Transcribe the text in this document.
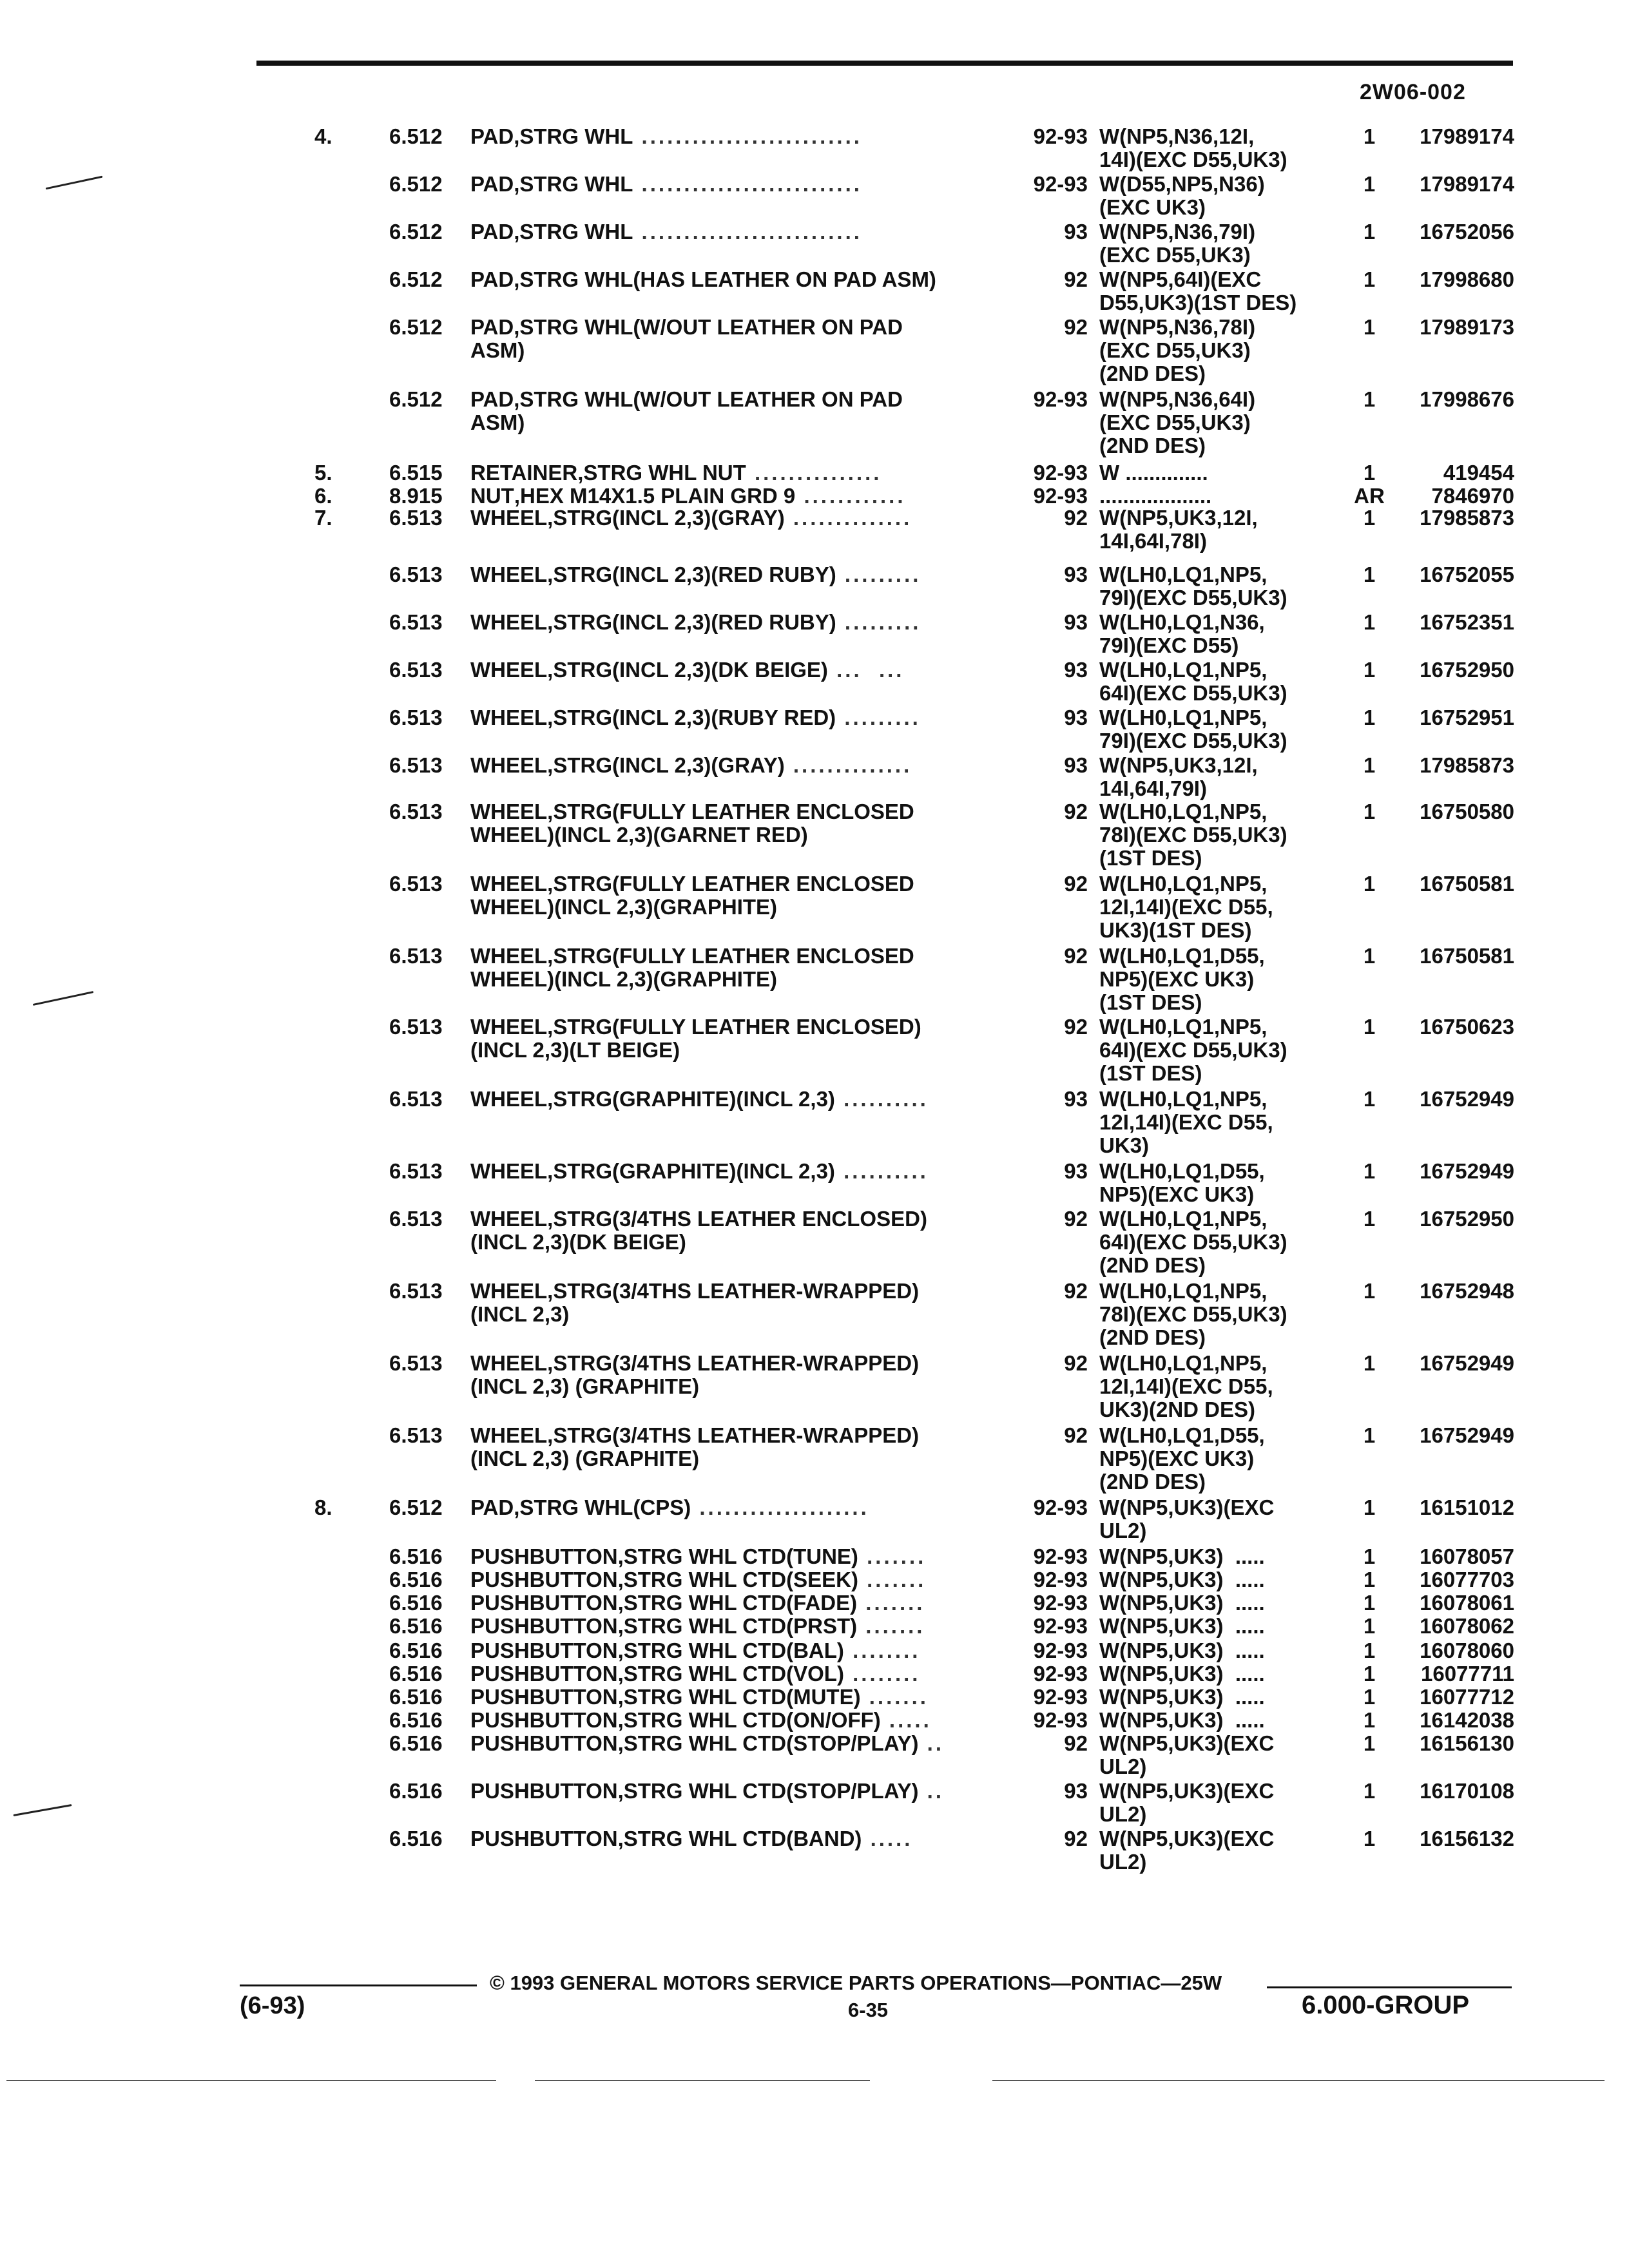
2W06-002
4.	6.512 PAD,STRG WHL ..........................	92-93 W(NP5,N36,12I,
14I)(EXC D55,UK3)
1	17989174
6.512 PAD,STRG WHL ..........................	92-93 W(D55,NP5,N36)
(EXC UK3)
1	17989174
6.512 PAD,STRG WHL ..........................	93 W(NP5,N36,79I)
(EXC D55,UK3)
1	16752056
6.512 PAD,STRG WHL(HAS LEATHER ON PAD ASM)	92 W(NP5,64I)(EXC
D55,UK3)(1ST DES)
1	17998680
6.512 PAD,STRG WHL(W/OUT LEATHER ON PAD
ASM)
92 W(NP5,N36,78I)
(EXC D55,UK3)
(2ND DES)
1	17989173
6.512 PAD,STRG WHL(W/OUT LEATHER ON PAD
ASM)
92-93 W(NP5,N36,64I)
(EXC D55,UK3)
(2ND DES)
1	17998676
5.	6.515 RETAINER,STRG WHL NUT ...............	92-93 W ..............	1	419454
6.	8.915 NUT,HEX M14X1.5 PLAIN GRD 9 ............	92-93 ...................	AR	7846970
7.	6.513 WHEEL,STRG(INCL 2,3)(GRAY) ..............	92 W(NP5,UK3,12I,
14I,64I,78I)
1	17985873
6.513 WHEEL,STRG(INCL 2,3)(RED RUBY) .........	93 W(LH0,LQ1,NP5,
79I)(EXC D55,UK3)
1	16752055
6.513 WHEEL,STRG(INCL 2,3)(RED RUBY) .........	93 W(LH0,LQ1,N36,
79I)(EXC D55)
1	16752351
6.513 WHEEL,STRG(INCL 2,3)(DK BEIGE) ...  ...	93 W(LH0,LQ1,NP5,
64I)(EXC D55,UK3)
1	16752950
6.513 WHEEL,STRG(INCL 2,3)(RUBY RED) .........	93 W(LH0,LQ1,NP5,
79I)(EXC D55,UK3)
1	16752951
6.513 WHEEL,STRG(INCL 2,3)(GRAY) ..............	93 W(NP5,UK3,12I,
14I,64I,79I)
1	17985873
6.513 WHEEL,STRG(FULLY LEATHER ENCLOSED
WHEEL)(INCL 2,3)(GARNET RED)
92 W(LH0,LQ1,NP5,
78I)(EXC D55,UK3)
(1ST DES)
1	16750580
6.513 WHEEL,STRG(FULLY LEATHER ENCLOSED
WHEEL)(INCL 2,3)(GRAPHITE)
92 W(LH0,LQ1,NP5,
12I,14I)(EXC D55,
UK3)(1ST DES)
1	16750581
6.513 WHEEL,STRG(FULLY LEATHER ENCLOSED
WHEEL)(INCL 2,3)(GRAPHITE)
92 W(LH0,LQ1,D55,
NP5)(EXC UK3)
(1ST DES)
1	16750581
6.513 WHEEL,STRG(FULLY LEATHER ENCLOSED)
(INCL 2,3)(LT BEIGE)
92 W(LH0,LQ1,NP5,
64I)(EXC D55,UK3)
(1ST DES)
1	16750623
6.513 WHEEL,STRG(GRAPHITE)(INCL 2,3) ..........	93 W(LH0,LQ1,NP5,
12I,14I)(EXC D55,
UK3)
1	16752949
6.513 WHEEL,STRG(GRAPHITE)(INCL 2,3) ..........	93 W(LH0,LQ1,D55,
NP5)(EXC UK3)
1	16752949
6.513 WHEEL,STRG(3/4THS LEATHER ENCLOSED)
(INCL 2,3)(DK BEIGE)
92 W(LH0,LQ1,NP5,
64I)(EXC D55,UK3)
(2ND DES)
1	16752950
6.513 WHEEL,STRG(3/4THS LEATHER-WRAPPED)
(INCL 2,3)
92 W(LH0,LQ1,NP5,
78I)(EXC D55,UK3)
(2ND DES)
1	16752948
6.513 WHEEL,STRG(3/4THS LEATHER-WRAPPED)
(INCL 2,3) (GRAPHITE)
92 W(LH0,LQ1,NP5,
12I,14I)(EXC D55,
UK3)(2ND DES)
1	16752949
6.513 WHEEL,STRG(3/4THS LEATHER-WRAPPED)
(INCL 2,3) (GRAPHITE)
92 W(LH0,LQ1,D55,
NP5)(EXC UK3)
(2ND DES)
1	16752949
8.	6.512 PAD,STRG WHL(CPS) ....................	92-93 W(NP5,UK3)(EXC
UL2)
1	16151012
6.516 PUSHBUTTON,STRG WHL CTD(TUNE) .......	92-93 W(NP5,UK3)  .....	1	16078057
6.516 PUSHBUTTON,STRG WHL CTD(SEEK) .......	92-93 W(NP5,UK3)  .....	1	16077703
6.516 PUSHBUTTON,STRG WHL CTD(FADE) .......	92-93 W(NP5,UK3)  .....	1	16078061
6.516 PUSHBUTTON,STRG WHL CTD(PRST) .......	92-93 W(NP5,UK3)  .....	1	16078062
6.516 PUSHBUTTON,STRG WHL CTD(BAL) ........	92-93 W(NP5,UK3)  .....	1	16078060
6.516 PUSHBUTTON,STRG WHL CTD(VOL) ........	92-93 W(NP5,UK3)  .....	1	16077711
6.516 PUSHBUTTON,STRG WHL CTD(MUTE) .......	92-93 W(NP5,UK3)  .....	1	16077712
6.516 PUSHBUTTON,STRG WHL CTD(ON/OFF) .....	92-93 W(NP5,UK3)  .....	1	16142038
6.516 PUSHBUTTON,STRG WHL CTD(STOP/PLAY) ..	92 W(NP5,UK3)(EXC
UL2)
1	16156130
6.516 PUSHBUTTON,STRG WHL CTD(STOP/PLAY) ..	93 W(NP5,UK3)(EXC
UL2)
1	16170108
6.516 PUSHBUTTON,STRG WHL CTD(BAND) .....	92 W(NP5,UK3)(EXC
UL2)
1	16156132
© 1993 GENERAL MOTORS SERVICE PARTS OPERATIONS—PONTIAC—25W
(6-93)	6-35	6.000-GROUP
